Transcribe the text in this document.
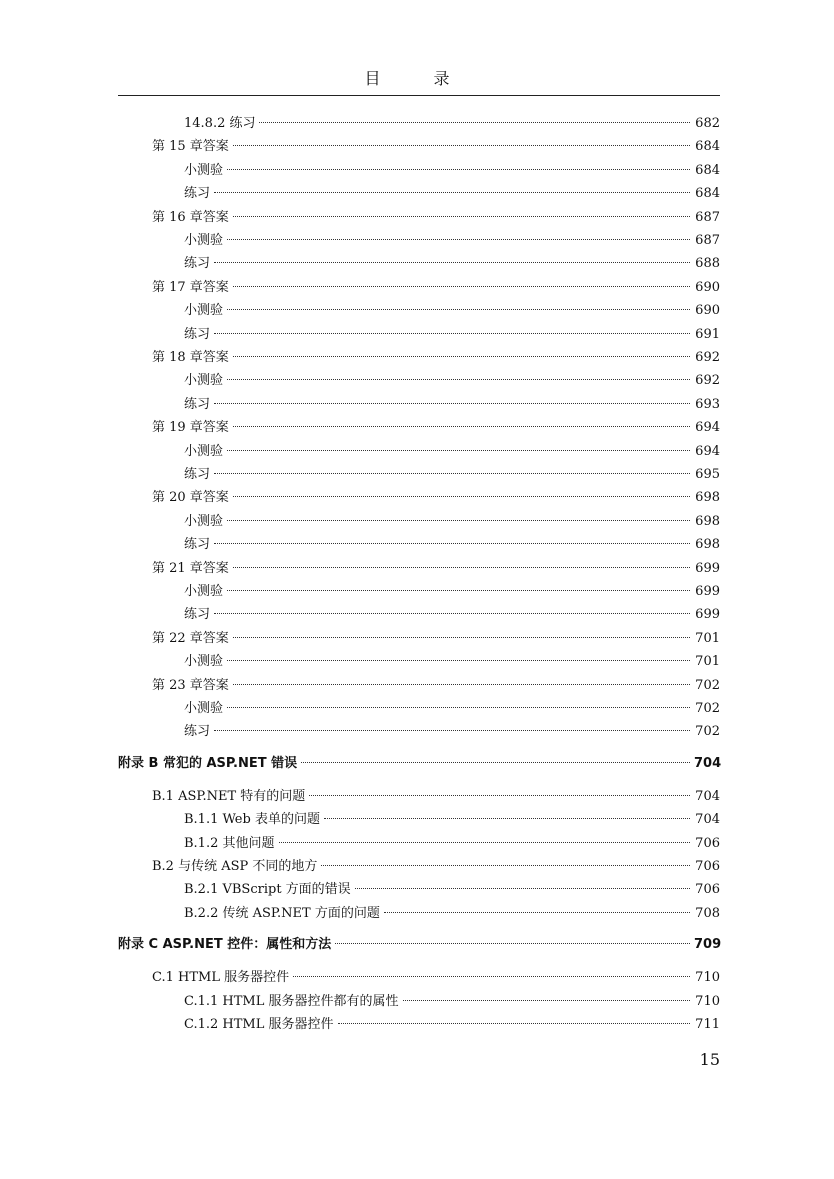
目 录
14.8.2 练习	682
第 15 章答案	684
小测验	684
练习	684
第 16 章答案	687
小测验	687
练习	688
第 17 章答案	690
小测验	690
练习	691
第 18 章答案	692
小测验	692
练习	693
第 19 章答案	694
小测验	694
练习	695
第 20 章答案	698
小测验	698
练习	698
第 21 章答案	699
小测验	699
练习	699
第 22 章答案	701
小测验	701
第 23 章答案	702
小测验	702
练习	702
附录 B 常犯的 ASP.NET 错误	704
B.1 ASP.NET 特有的问题	704
B.1.1 Web 表单的问题	704
B.1.2 其他问题	706
B.2 与传统 ASP 不同的地方	706
B.2.1 VBScript 方面的错误	706
B.2.2 传统 ASP.NET 方面的问题	708
附录 C ASP.NET 控件：属性和方法	709
C.1 HTML 服务器控件	710
C.1.1 HTML 服务器控件都有的属性	710
C.1.2 HTML 服务器控件	711
15
